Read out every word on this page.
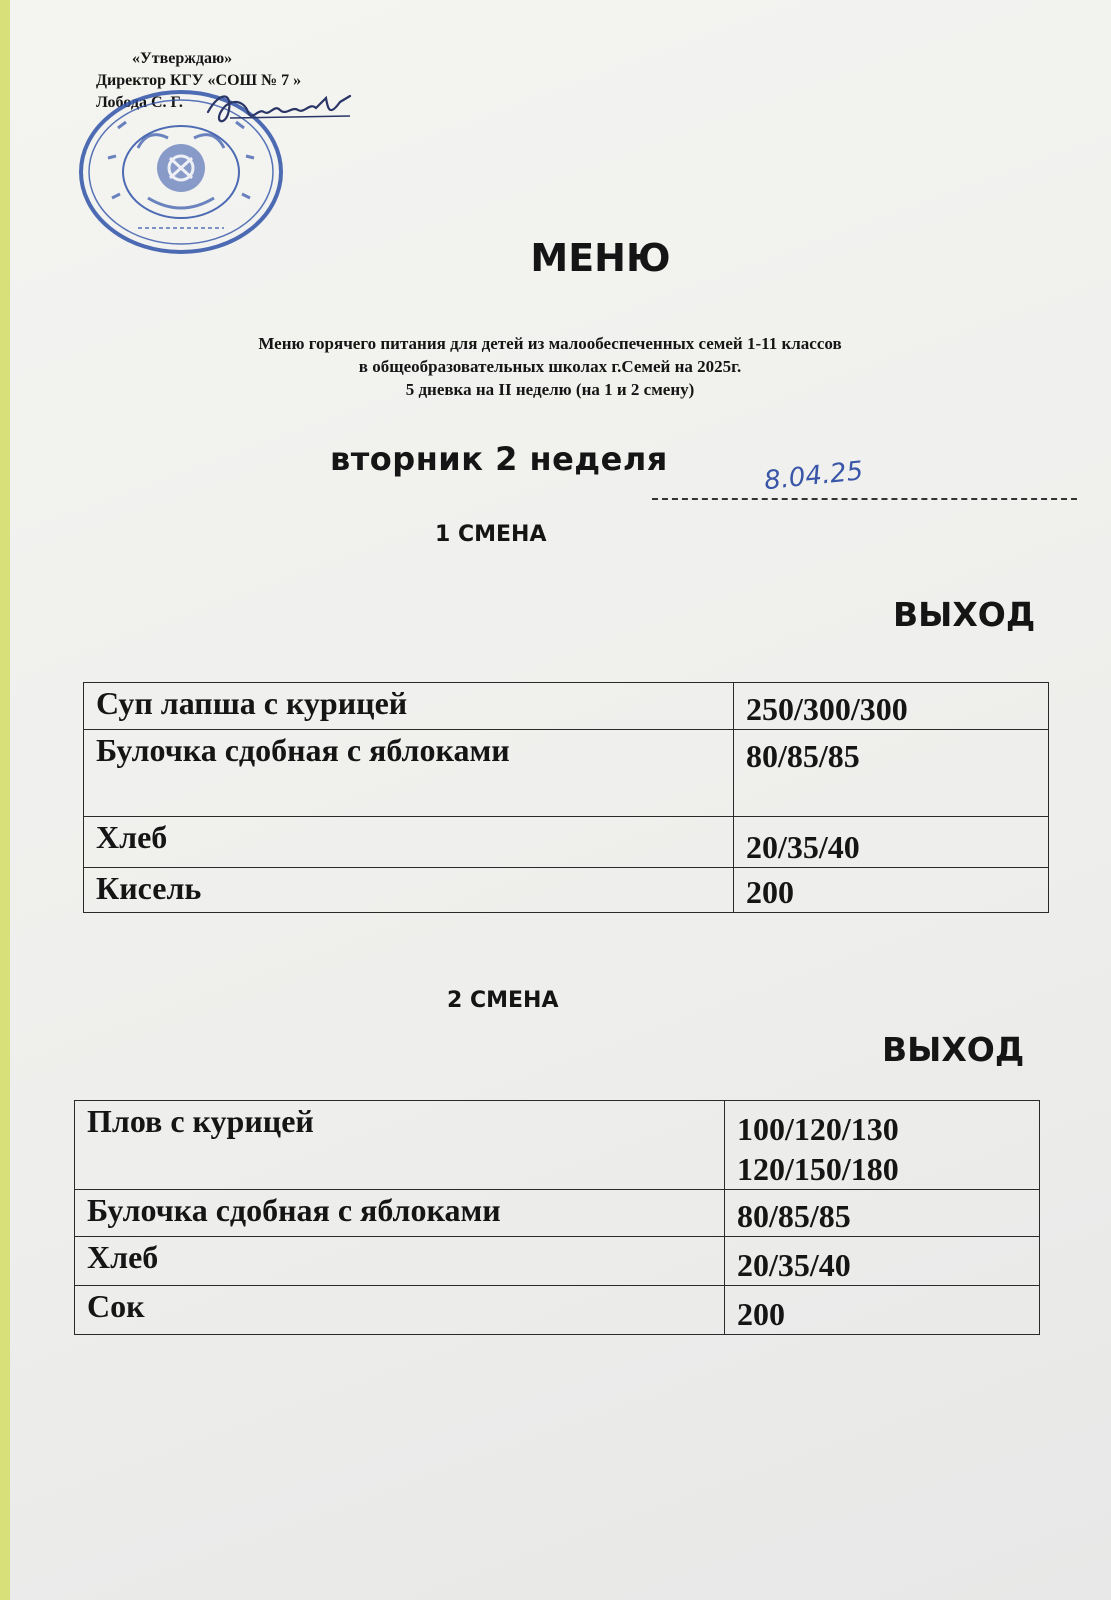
«Утверждаю»
Директор КГУ «СОШ № 7 »
Лобода С. Г.
МЕНЮ
Меню горячего питания для детей из малообеспеченных семей 1-11 классов
в общеобразовательных школах г.Семей на 2025г.
5 дневка на II неделю (на 1 и 2 смену)
вторник 2 неделя	8.04.25
1 СМЕНА
ВЫХОД
Суп лапша с курицей	250/300/300
Булочка сдобная с яблоками	80/85/85
Хлеб	20/35/40
Кисель	200
2 СМЕНА
ВЫХОД
Плов с курицей	100/120/130
120/150/180

Булочка сдобная с яблоками	80/85/85
Хлеб	20/35/40
Сок	200
